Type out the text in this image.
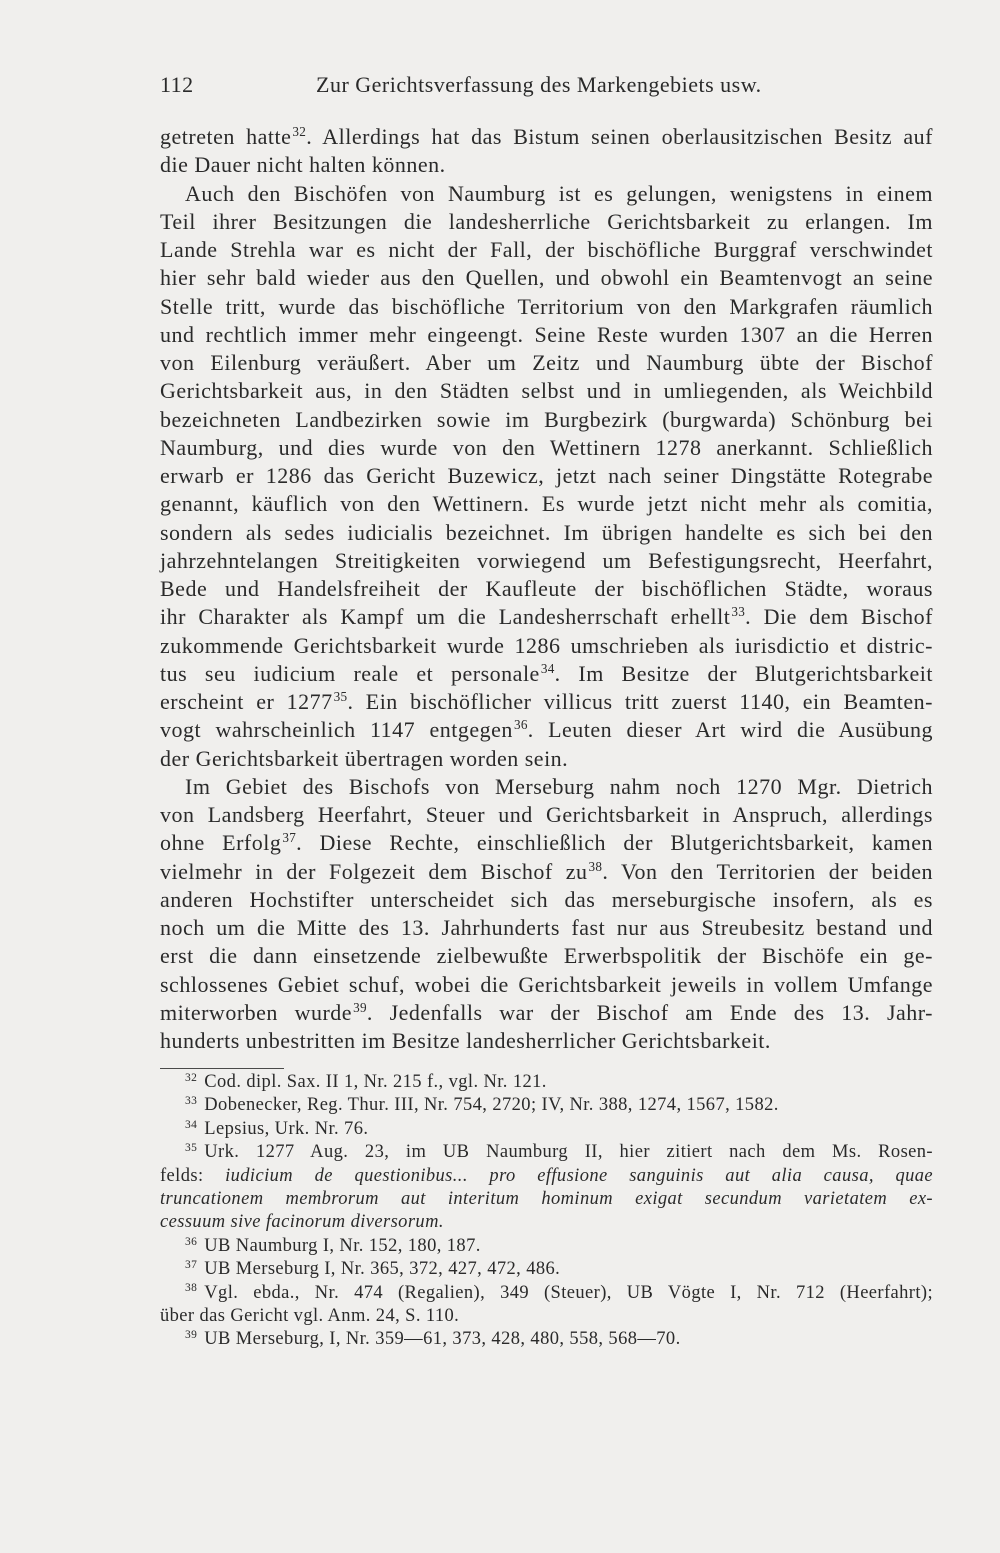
112	Zur Gerichtsverfassung des Markengebiets usw.
getreten hatte$^{32}$. Allerdings hat das Bistum seinen oberlausitzischen Besitz auf
die Dauer nicht halten können.
Auch den Bischöfen von Naumburg ist es gelungen, wenigstens in einem
Teil ihrer Besitzungen die landesherrliche Gerichtsbarkeit zu erlangen. Im
Lande Strehla war es nicht der Fall, der bischöfliche Burggraf verschwindet
hier sehr bald wieder aus den Quellen, und obwohl ein Beamtenvogt an seine
Stelle tritt, wurde das bischöfliche Territorium von den Markgrafen räumlich
und rechtlich immer mehr eingeengt. Seine Reste wurden 1307 an die Herren
von Eilenburg veräußert. Aber um Zeitz und Naumburg übte der Bischof
Gerichtsbarkeit aus, in den Städten selbst und in umliegenden, als Weichbild
bezeichneten Landbezirken sowie im Burgbezirk (burgwarda) Schönburg bei
Naumburg, und dies wurde von den Wettinern 1278 anerkannt. Schließlich
erwarb er 1286 das Gericht Buzewicz, jetzt nach seiner Dingstätte Rotegrabe
genannt, käuflich von den Wettinern. Es wurde jetzt nicht mehr als comitia,
sondern als sedes iudicialis bezeichnet. Im übrigen handelte es sich bei den
jahrzehntelangen Streitigkeiten vorwiegend um Befestigungsrecht, Heerfahrt,
Bede und Handelsfreiheit der Kaufleute der bischöflichen Städte, woraus
ihr Charakter als Kampf um die Landesherrschaft erhellt$^{33}$. Die dem Bischof
zukommende Gerichtsbarkeit wurde 1286 umschrieben als iurisdictio et distric-
tus seu iudicium reale et personale$^{34}$. Im Besitze der Blutgerichtsbarkeit
erscheint er 1277$^{35}$. Ein bischöflicher villicus tritt zuerst 1140, ein Beamten-
vogt wahrscheinlich 1147 entgegen$^{36}$. Leuten dieser Art wird die Ausübung
der Gerichtsbarkeit übertragen worden sein.
Im Gebiet des Bischofs von Merseburg nahm noch 1270 Mgr. Dietrich
von Landsberg Heerfahrt, Steuer und Gerichtsbarkeit in Anspruch, allerdings
ohne Erfolg$^{37}$. Diese Rechte, einschließlich der Blutgerichtsbarkeit, kamen
vielmehr in der Folgezeit dem Bischof zu$^{38}$. Von den Territorien der beiden
anderen Hochstifter unterscheidet sich das merseburgische insofern, als es
noch um die Mitte des 13. Jahrhunderts fast nur aus Streubesitz bestand und
erst die dann einsetzende zielbewußte Erwerbspolitik der Bischöfe ein ge-
schlossenes Gebiet schuf, wobei die Gerichtsbarkeit jeweils in vollem Umfange
miterworben wurde$^{39}$. Jedenfalls war der Bischof am Ende des 13. Jahr-
hunderts unbestritten im Besitze landesherrlicher Gerichtsbarkeit.
$^{32}$ Cod. dipl. Sax. II 1, Nr. 215 f., vgl. Nr. 121.
$^{33}$ Dobenecker, Reg. Thur. III, Nr. 754, 2720; IV, Nr. 388, 1274, 1567, 1582.
$^{34}$ Lepsius, Urk. Nr. 76.
$^{35}$ Urk. 1277 Aug. 23, im UB Naumburg II, hier zitiert nach dem Ms. Rosen-
felds: iudicium de questionibus... pro effusione sanguinis aut alia causa, quae
truncationem membrorum aut interitum hominum exigat secundum varietatem ex-
cessuum sive facinorum diversorum.
$^{36}$ UB Naumburg I, Nr. 152, 180, 187.
$^{37}$ UB Merseburg I, Nr. 365, 372, 427, 472, 486.
$^{38}$ Vgl. ebda., Nr. 474 (Regalien), 349 (Steuer), UB Vögte I, Nr. 712 (Heerfahrt);
über das Gericht vgl. Anm. 24, S. 110.
$^{39}$ UB Merseburg, I, Nr. 359—61, 373, 428, 480, 558, 568—70.
